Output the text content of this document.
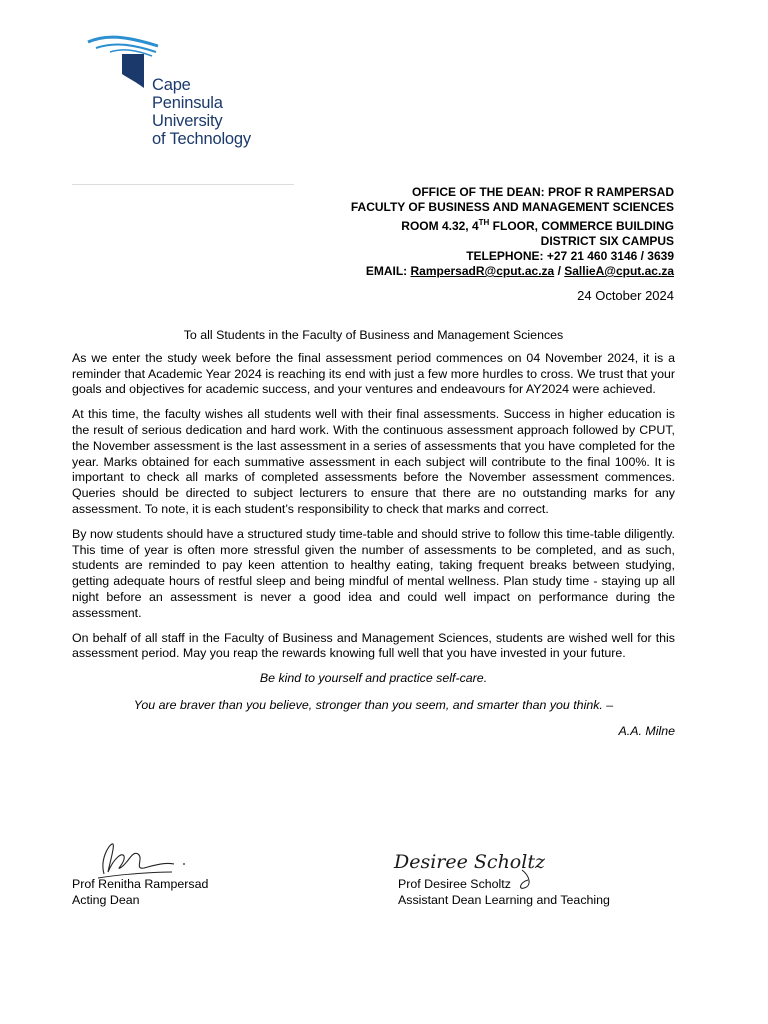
Cape
Peninsula
University
of Technology
OFFICE OF THE DEAN: PROF R RAMPERSAD
FACULTY OF BUSINESS AND MANAGEMENT SCIENCES
ROOM 4.32, 4TH FLOOR, COMMERCE BUILDING
DISTRICT SIX CAMPUS
TELEPHONE: +27 21 460 3146 / 3639
EMAIL: RampersadR@cput.ac.za / SallieA@cput.ac.za
24 October 2024

To all Students in the Faculty of Business and Management Sciences

As we enter the study week before the final assessment period commences on 04 November 2024, it is a reminder that Academic Year 2024 is reaching its end with just a few more hurdles to cross. We trust that your goals and objectives for academic success, and your ventures and endeavours for AY2024 were achieved.

At this time, the faculty wishes all students well with their final assessments. Success in higher education is the result of serious dedication and hard work. With the continuous assessment approach followed by CPUT, the November assessment is the last assessment in a series of assessments that you have completed for the year. Marks obtained for each summative assessment in each subject will contribute to the final 100%. It is important to check all marks of completed assessments before the November assessment commences. Queries should be directed to subject lecturers to ensure that there are no outstanding marks for any assessment. To note, it is each student’s responsibility to check that marks and correct.

By now students should have a structured study time-table and should strive to follow this time-table diligently. This time of year is often more stressful given the number of assessments to be completed, and as such, students are reminded to pay keen attention to healthy eating, taking frequent breaks between studying, getting adequate hours of restful sleep and being mindful of mental wellness. Plan study time - staying up all night before an assessment is never a good idea and could well impact on performance during the assessment.

On behalf of all staff in the Faculty of Business and Management Sciences, students are wished well for this assessment period. May you reap the rewards knowing full well that you have invested in your future.

Be kind to yourself and practice self-care.

You are braver than you believe, stronger than you seem, and smarter than you think. –

A.A. Milne

Desiree Scholtz
Prof Renitha Rampersad
Acting Dean
Prof Desiree Scholtz
Assistant Dean Learning and Teaching
